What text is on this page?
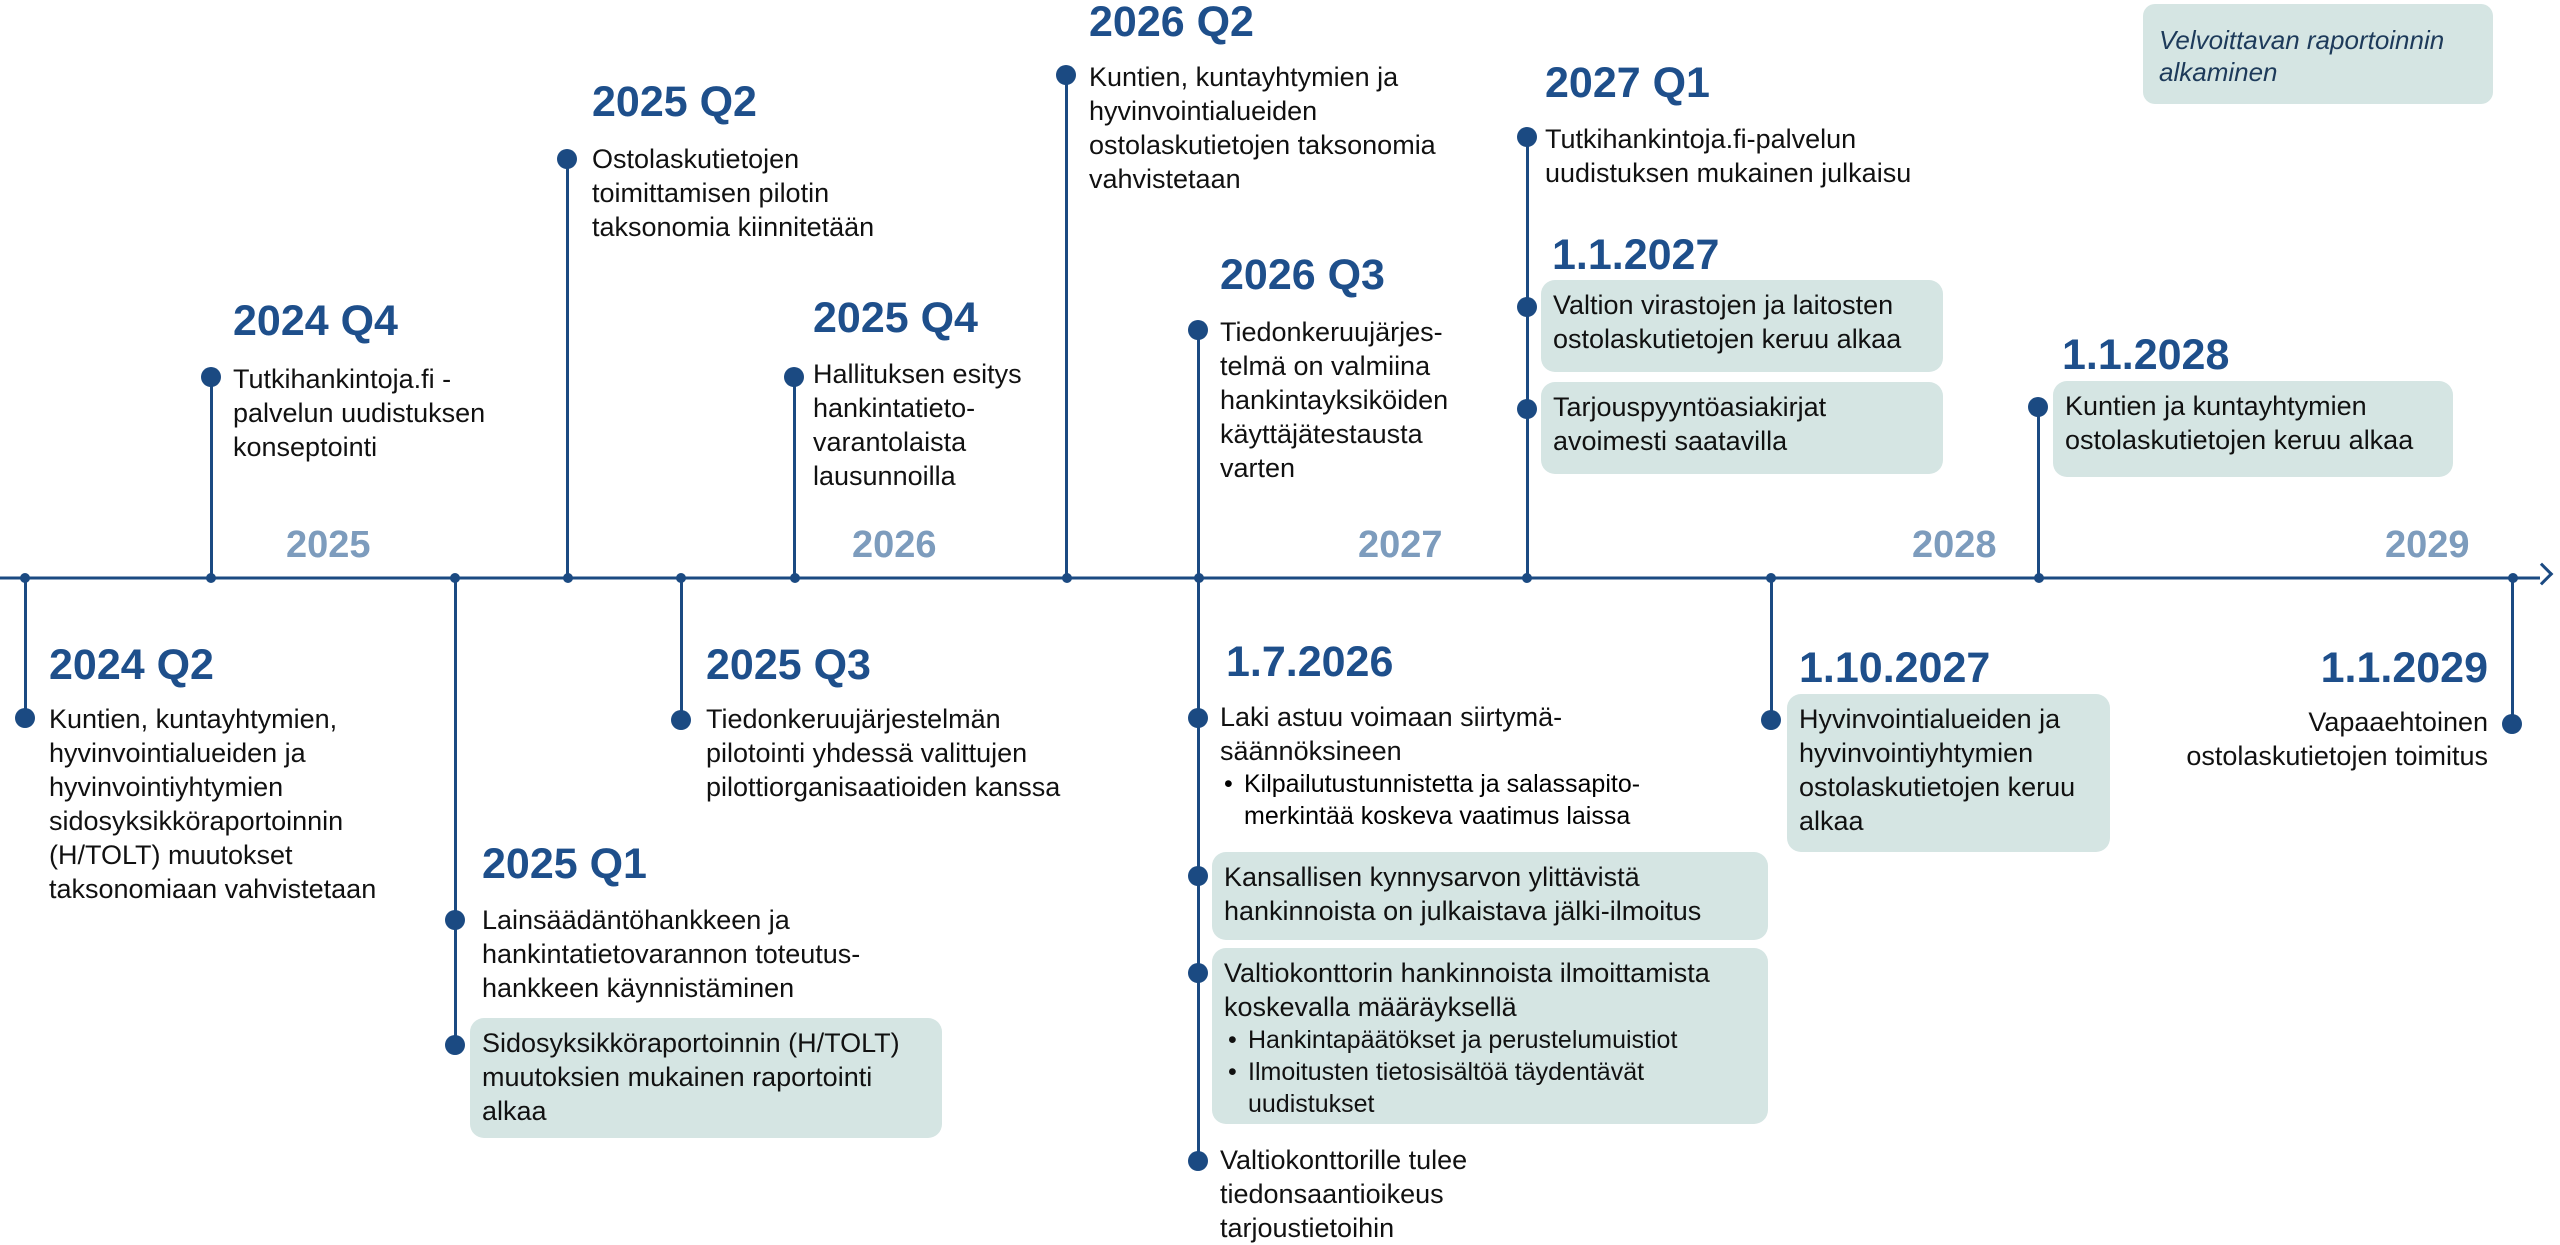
Velvoittavan raportoinnin alkaminen
2025	2026	2027	2028	2029
2024 Q4
Tutkihankintoja.fi -palvelun uudistuksen konseptointi
2025 Q2
Ostolaskutietojen toimittamisen pilotin taksonomia kiinnitetään
2025 Q4
Hallituksen esitys hankintatieto-varantolaista lausunnoilla
2026 Q2
Kuntien, kuntayhtymien ja hyvinvointialueiden ostolaskutietojen taksonomia vahvistetaan
2026 Q3
Tiedonkeruujärjes-telmä on valmiina hankintayksiköiden käyttäjätestausta varten
2027 Q1
Tutkihankintoja.fi-palvelun uudistuksen mukainen julkaisu
1.1.2027
Valtion virastojen ja laitosten ostolaskutietojen keruu alkaa
Tarjouspyyntöasiakirjat avoimesti saatavilla
1.1.2028
Kuntien ja kuntayhtymien ostolaskutietojen keruu alkaa
2024 Q2
Kuntien, kuntayhtymien, hyvinvointialueiden ja hyvinvointiyhtymien sidosyksikköraportoinnin (H/TOLT) muutokset taksonomiaan vahvistetaan
2025 Q1
Lainsäädäntöhankkeen ja hankintatietovarannon toteutus-hankkeen käynnistäminen
Sidosyksikköraportoinnin (H/TOLT) muutoksien mukainen raportointi alkaa
2025 Q3
Tiedonkeruujärjestelmän pilotointi yhdessä valittujen pilottiorganisaatioiden kanssa
1.7.2026
Laki astuu voimaan siirtymä-säännöksineen
• Kilpailutustunnistetta ja salassapito-merkintää koskeva vaatimus laissa
Kansallisen kynnysarvon ylittävistä hankinnoista on julkaistava jälki-ilmoitus
Valtiokonttorin hankinnoista ilmoittamista koskevalla määräyksellä
• Hankintapäätökset ja perustelumuistiot
• Ilmoitusten tietosisältöä täydentävät uudistukset
Valtiokonttorille tulee tiedonsaantioikeus tarjoustietoihin
1.10.2027
Hyvinvointialueiden ja hyvinvointiyhtymien ostolaskutietojen keruu alkaa
1.1.2029
Vapaaehtoinen ostolaskutietojen toimitus
